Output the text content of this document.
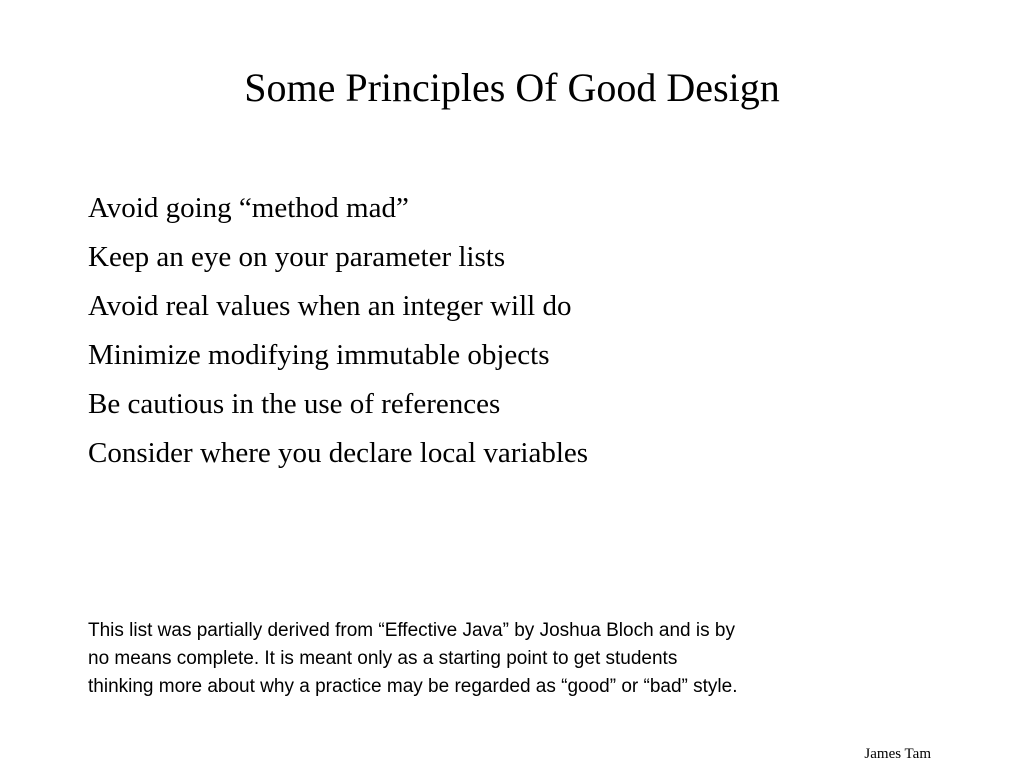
Some Principles Of Good Design
Avoid going “method mad”
Keep an eye on your parameter lists
Avoid real values when an integer will do
Minimize modifying immutable objects
Be cautious in the use of references
Consider where you declare local variables

This list was partially derived from “Effective Java” by Joshua Bloch and is by
no means complete. It is meant only as a starting point to get students
thinking more about why a practice may be regarded as “good” or “bad” style.

James Tam
